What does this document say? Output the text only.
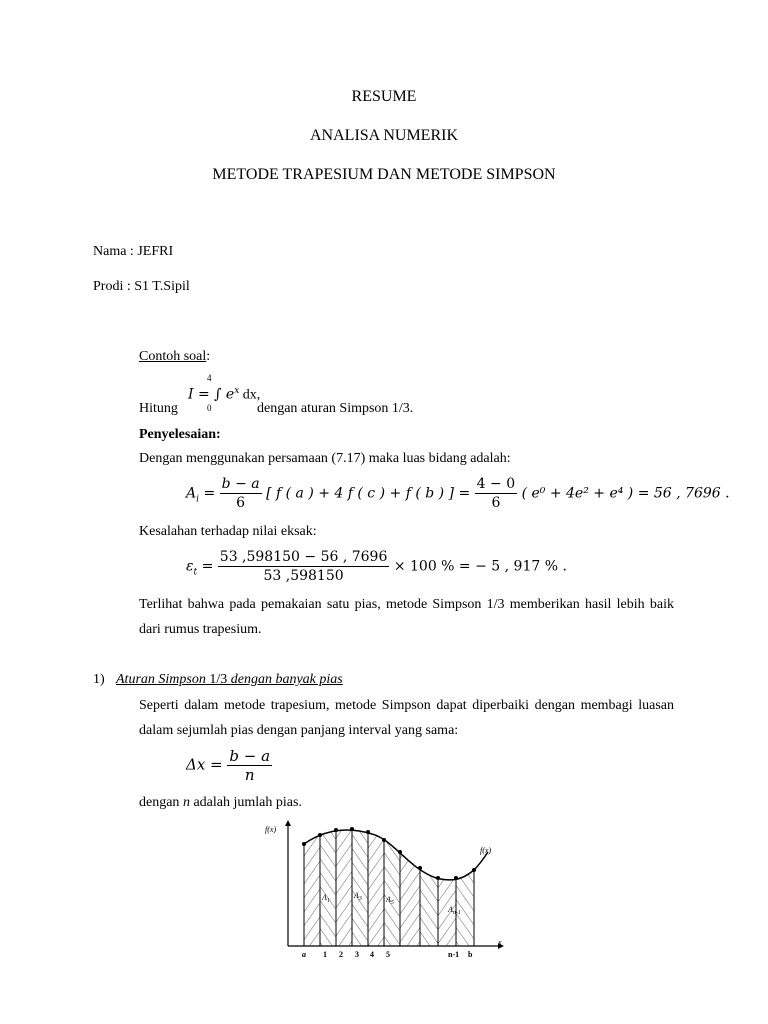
RESUME
ANALISA NUMERIK
METODE TRAPESIUM DAN METODE SIMPSON
Nama : JEFRI
Prodi : S1 T.Sipil
Contoh soal:
Hitung
4
0
I = ∫ $e^x$ dx,
dengan aturan Simpson 1/3.
Penyelesaian:
Dengan menggunakan persamaan (7.17) maka luas bidang adalah:
$A_i = \frac{b - a}{6}$ [ f ( a ) + 4 f ( c ) + f ( b ) ] = $\frac{4 - 0}{6}$ ( e⁰ + 4e² + e⁴ ) = 56 , 7696 .
Kesalahan terhadap nilai eksak:
$\varepsilon_t = \frac{53 ,598150 - 56 , 7696}{53 ,598150} \times 100$ % = − 5 , 917 % .
Terlihat bahwa pada pemakaian satu pias, metode Simpson 1/3 memberikan hasil lebih baik dari rumus trapesium.
1) Aturan Simpson 1/3 dengan banyak pias
Seperti dalam metode trapesium, metode Simpson dapat diperbaiki dengan membagi luasan dalam sejumlah pias dengan panjang interval yang sama:
$\Delta x = \frac{b - a}{n}$
dengan n adalah jumlah pias.
f(x)
f(x)
x
a 1 2 3 4 5	n-1 b
$A_1$
$A_3$	$A_5$
$A_{n-1}$
